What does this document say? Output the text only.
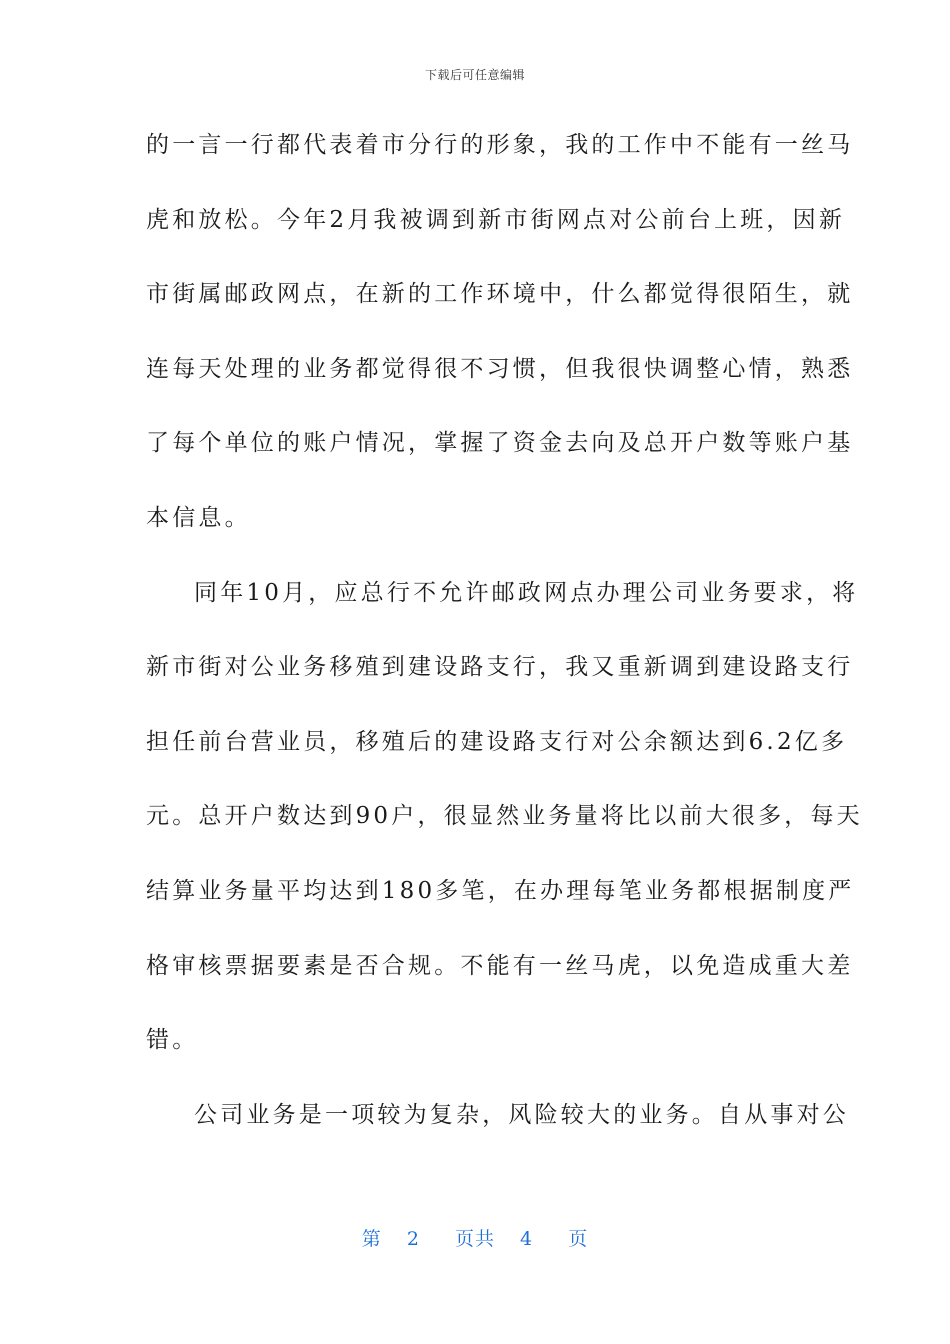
下载后可任意编辑
的一言一行都代表着市分行的形象，我的工作中不能有一丝马
虎和放松。今年2月我被调到新市街网点对公前台上班，因新
市街属邮政网点，在新的工作环境中，什么都觉得很陌生，就
连每天处理的业务都觉得很不习惯，但我很快调整心情，熟悉
了每个单位的账户情况，掌握了资金去向及总开户数等账户基
本信息。
同年10月，应总行不允许邮政网点办理公司业务要求，将
新市街对公业务移殖到建设路支行，我又重新调到建设路支行
担任前台营业员，移殖后的建设路支行对公余额达到6.2亿多
元。总开户数达到90户，很显然业务量将比以前大很多，每天
结算业务量平均达到180多笔，在办理每笔业务都根据制度严
格审核票据要素是否合规。不能有一丝马虎，以免造成重大差
错。
公司业务是一项较为复杂，风险较大的业务。自从事对公
第 2 页共 4 页
